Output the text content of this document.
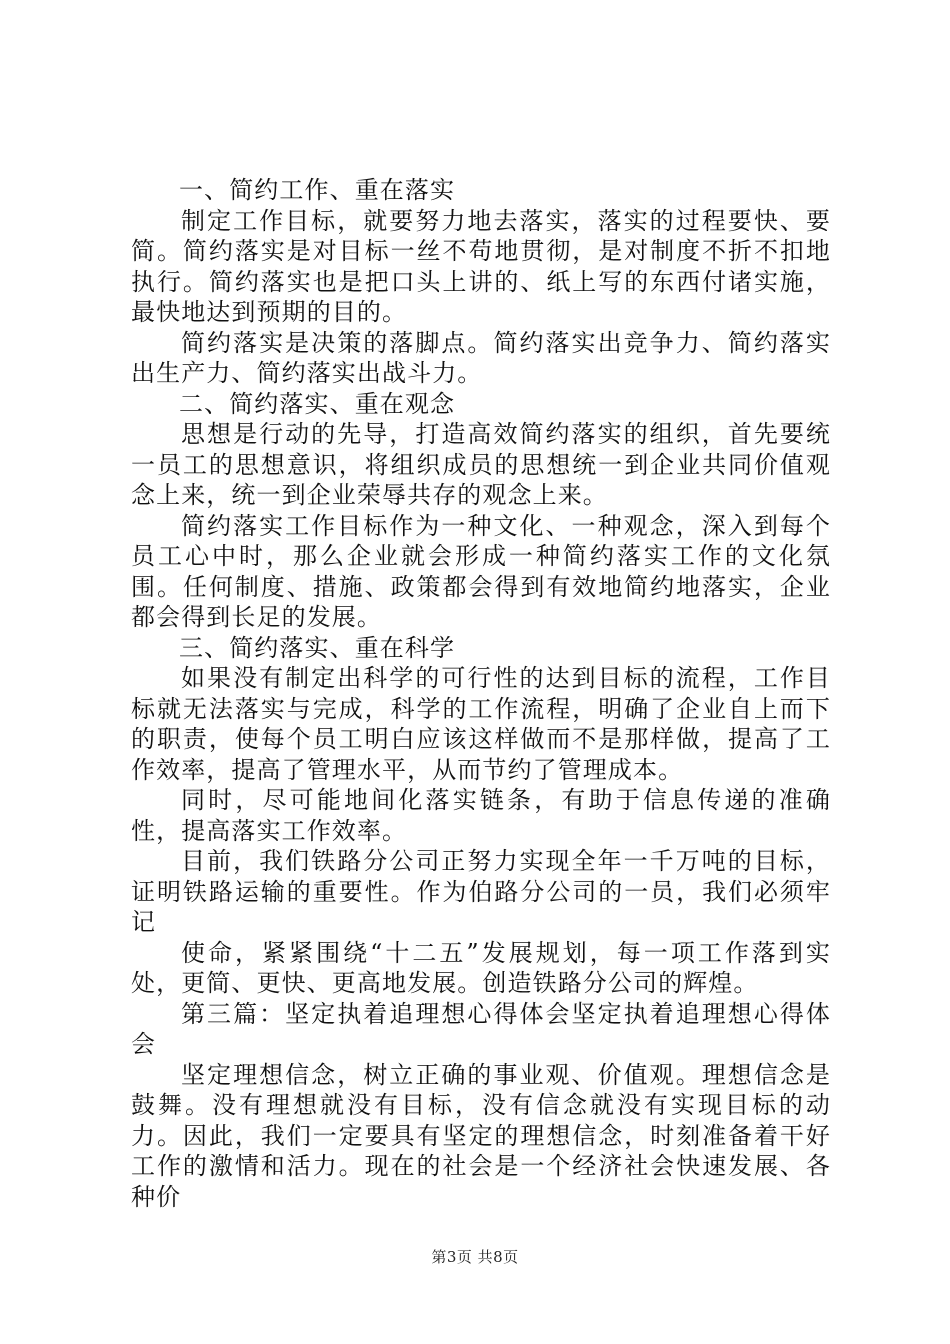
一、简约工作、重在落实

制定工作目标，就要努力地去落实，落实的过程要快、要简。简约落实是对目标一丝不苟地贯彻，是对制度不折不扣地执行。简约落实也是把口头上讲的、纸上写的东西付诸实施，最快地达到预期的目的。

简约落实是决策的落脚点。简约落实出竞争力、简约落实出生产力、简约落实出战斗力。

二、简约落实、重在观念

思想是行动的先导，打造高效简约落实的组织，首先要统一员工的思想意识，将组织成员的思想统一到企业共同价值观念上来，统一到企业荣辱共存的观念上来。

简约落实工作目标作为一种文化、一种观念，深入到每个员工心中时，那么企业就会形成一种简约落实工作的文化氛围。任何制度、措施、政策都会得到有效地简约地落实，企业都会得到长足的发展。

三、简约落实、重在科学

如果没有制定出科学的可行性的达到目标的流程，工作目标就无法落实与完成，科学的工作流程，明确了企业自上而下的职责，使每个员工明白应该这样做而不是那样做，提高了工作效率，提高了管理水平，从而节约了管理成本。

同时，尽可能地间化落实链条，有助于信息传递的准确性，提高落实工作效率。

目前，我们铁路分公司正努力实现全年一千万吨的目标，证明铁路运输的重要性。作为伯路分公司的一员，我们必须牢记

使命，紧紧围绕“十二五”发展规划，每一项工作落到实处，更简、更快、更高地发展。创造铁路分公司的辉煌。

第三篇：坚定执着追理想心得体会坚定执着追理想心得体会

坚定理想信念，树立正确的事业观、价值观。理想信念是鼓舞。没有理想就没有目标，没有信念就没有实现目标的动力。因此，我们一定要具有坚定的理想信念，时刻准备着干好工作的激情和活力。现在的社会是一个经济社会快速发展、各种价

第3页 共8页
